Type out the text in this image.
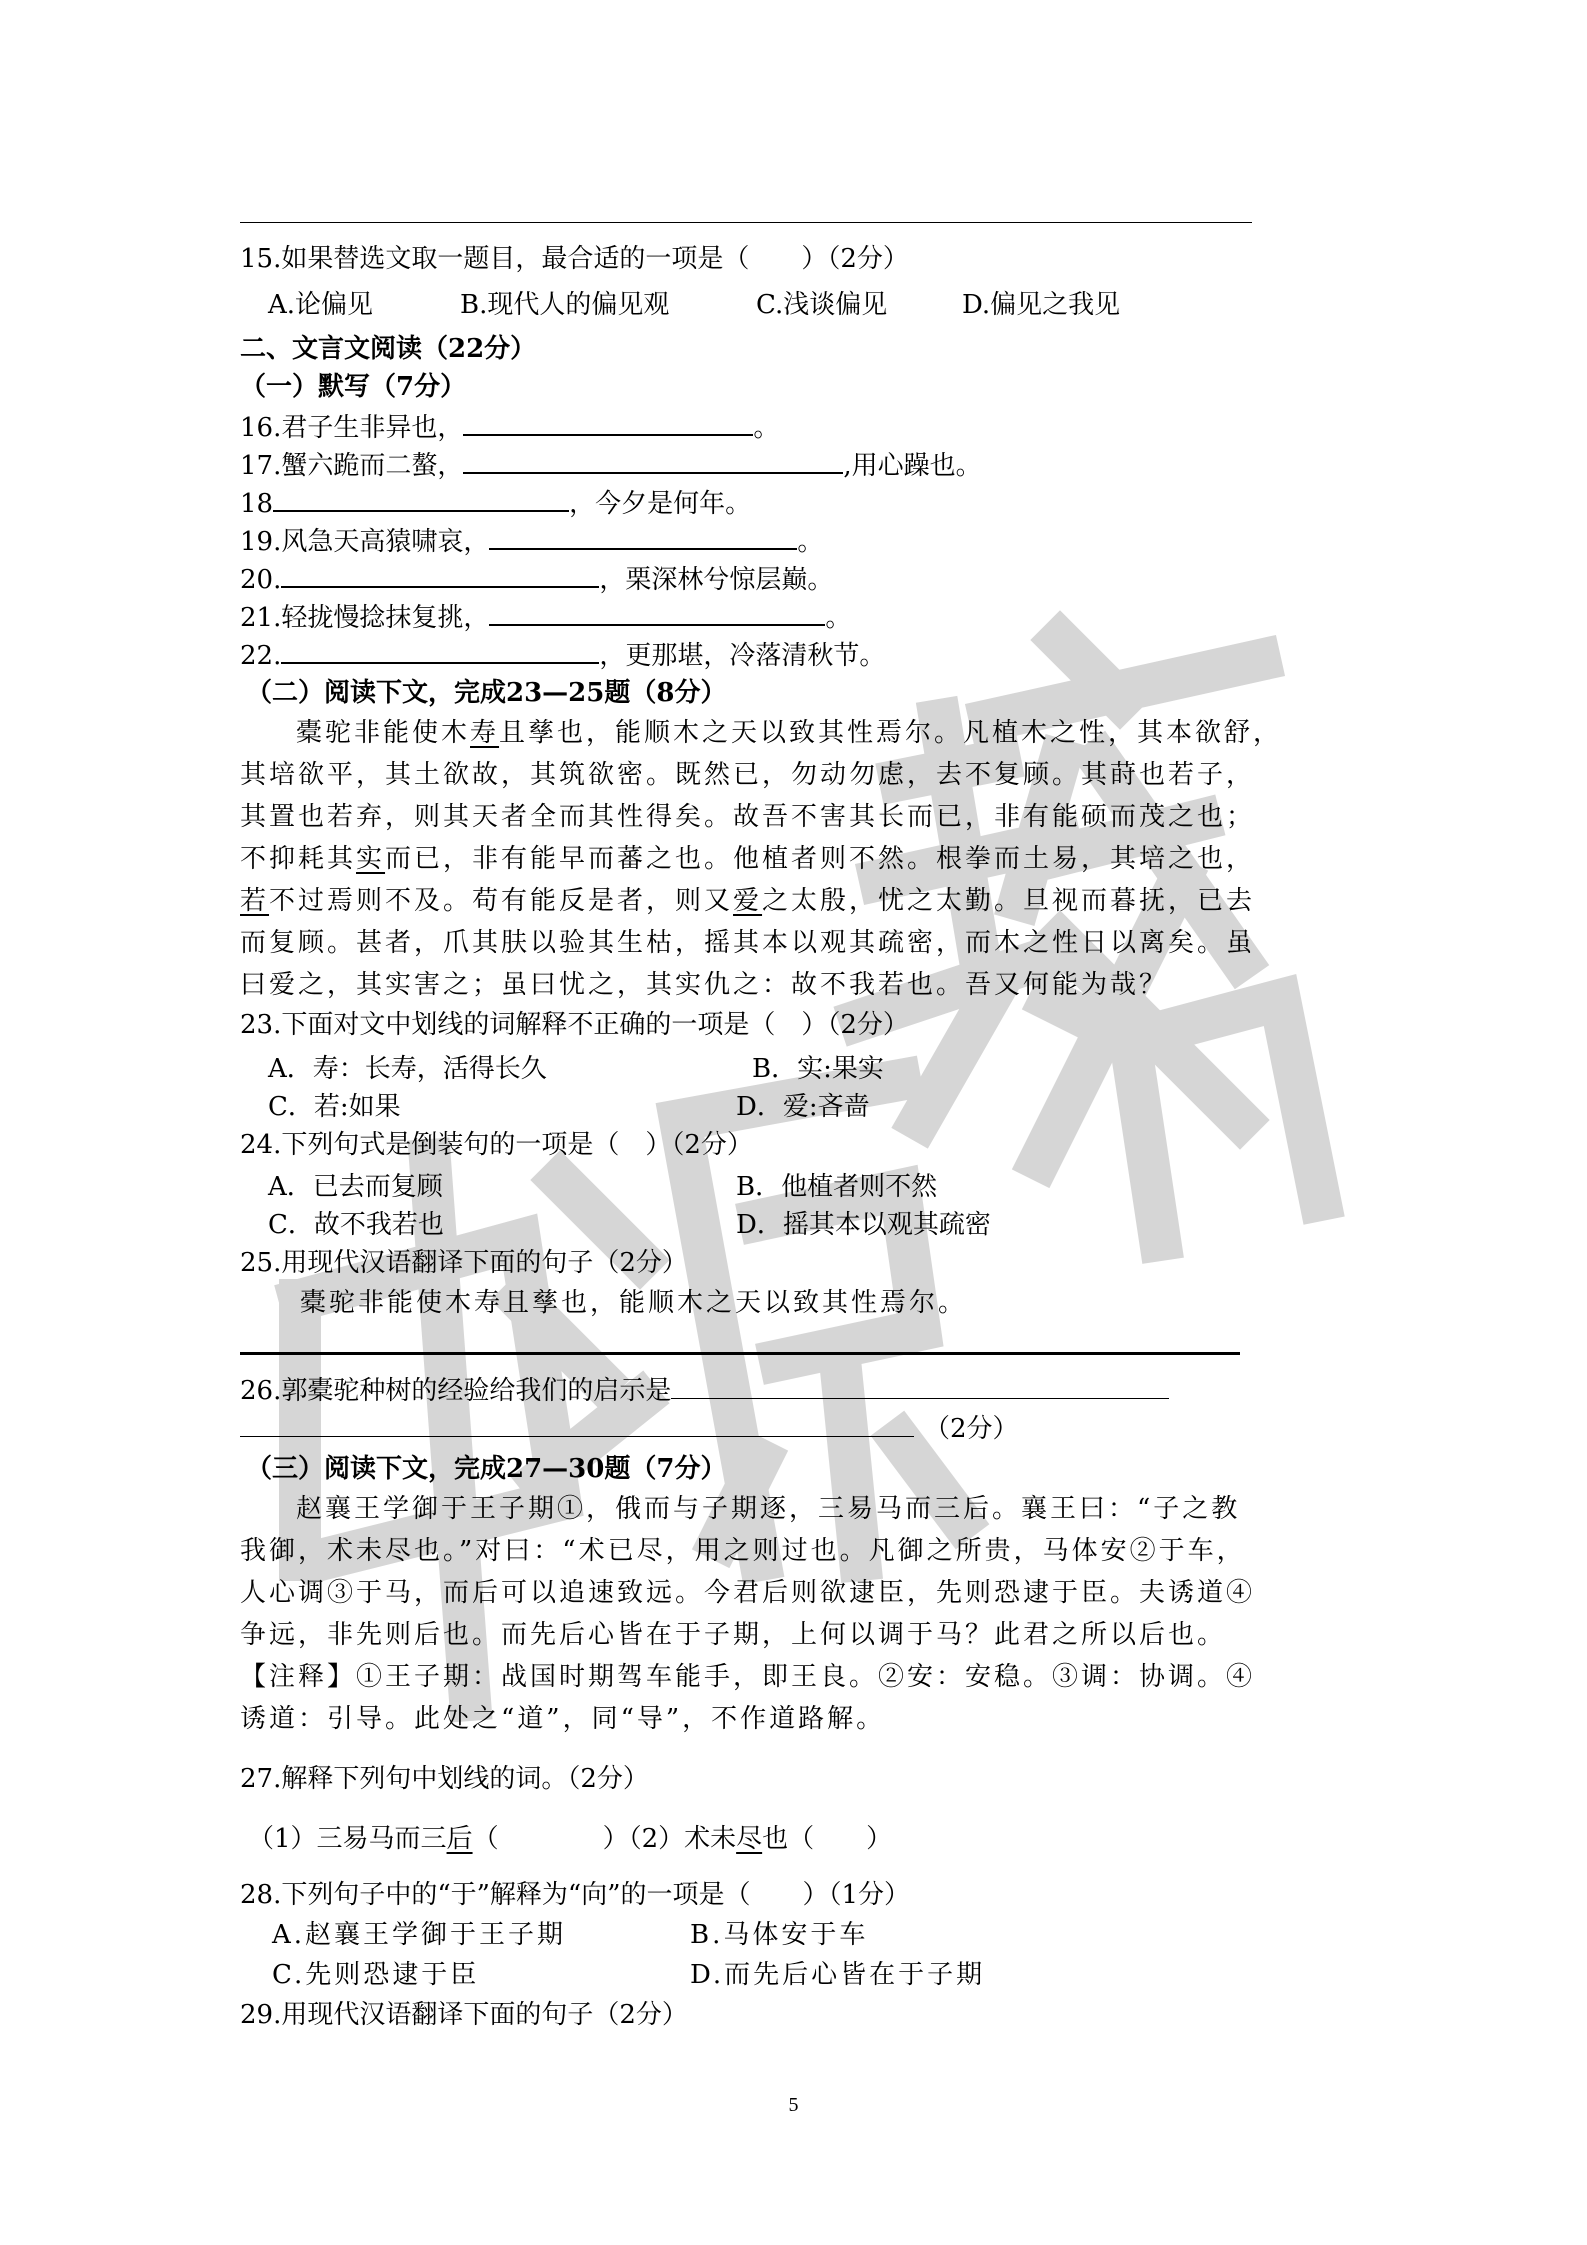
15.如果替选文取一题目，最合适的一项是（　　）（2分）
A.论偏见	B.现代人的偏见观	C.浅谈偏见	D.偏见之我见
二、文言文阅读（22分）
（一）默写（7分）
16.君子生非异也，	。
17.蟹六跪而二螯，	,用心躁也。
18	，今夕是何年。
19.风急天高猿啸哀，	。
20.	，栗深林兮惊层巅。
21.轻拢慢捻抹复挑，	。
22.	，更那堪，冷落清秋节。
（二）阅读下文，完成23—25题（8分）
橐驼非能使木寿且孳也，能顺木之天以致其性焉尔。凡植木之性，其本欲舒，
其培欲平，其土欲故，其筑欲密。既然已，勿动勿虑，去不复顾。其莳也若子，
其置也若弃，则其天者全而其性得矣。故吾不害其长而已，非有能硕而茂之也；
不抑耗其实而已，非有能早而蕃之也。他植者则不然。根拳而土易，其培之也，
若不过焉则不及。苟有能反是者，则又爱之太殷，忧之太勤。旦视而暮抚，已去
而复顾。甚者，爪其肤以验其生枯，摇其本以观其疏密，而木之性日以离矣。虽
曰爱之，其实害之；虽曰忧之，其实仇之：故不我若也。吾又何能为哉？
23.下面对文中划线的词解释不正确的一项是（　）（2分）
A．寿：长寿，活得长久	B．实:果实
C．若:如果	D．爱:吝啬
24.下列句式是倒装句的一项是（　）（2分）
A．已去而复顾	B．他植者则不然
C．故不我若也	D．摇其本以观其疏密
25.用现代汉语翻译下面的句子（2分）
橐驼非能使木寿且孳也，能顺木之天以致其性焉尔。
26.郭橐驼种树的经验给我们的启示是
（2分）
（三）阅读下文，完成27—30题（7分）
赵襄王学御于王子期①，俄而与子期逐，三易马而三后。襄王曰：“子之教
我御，术未尽也。”对曰：“术已尽，用之则过也。凡御之所贵，马体安②于车，
人心调③于马，而后可以追速致远。今君后则欲逮臣，先则恐逮于臣。夫诱道④
争远，非先则后也。而先后心皆在于子期，上何以调于马？此君之所以后也。
【注释】①王子期：战国时期驾车能手，即王良。②安：安稳。③调：协调。④
诱道：引导。此处之“道”，同“导”，不作道路解。
27.解释下列句中划线的词。（2分）
（1）三易马而三后（　　　　）（2）术未尽也（　　）
28.下列句子中的“于”解释为“向”的一项是（　　）（1分）
A.赵襄王学御于王子期	B.马体安于车
C.先则恐逮于臣	D.而先后心皆在于子期
29.用现代汉语翻译下面的句子（2分）
5
